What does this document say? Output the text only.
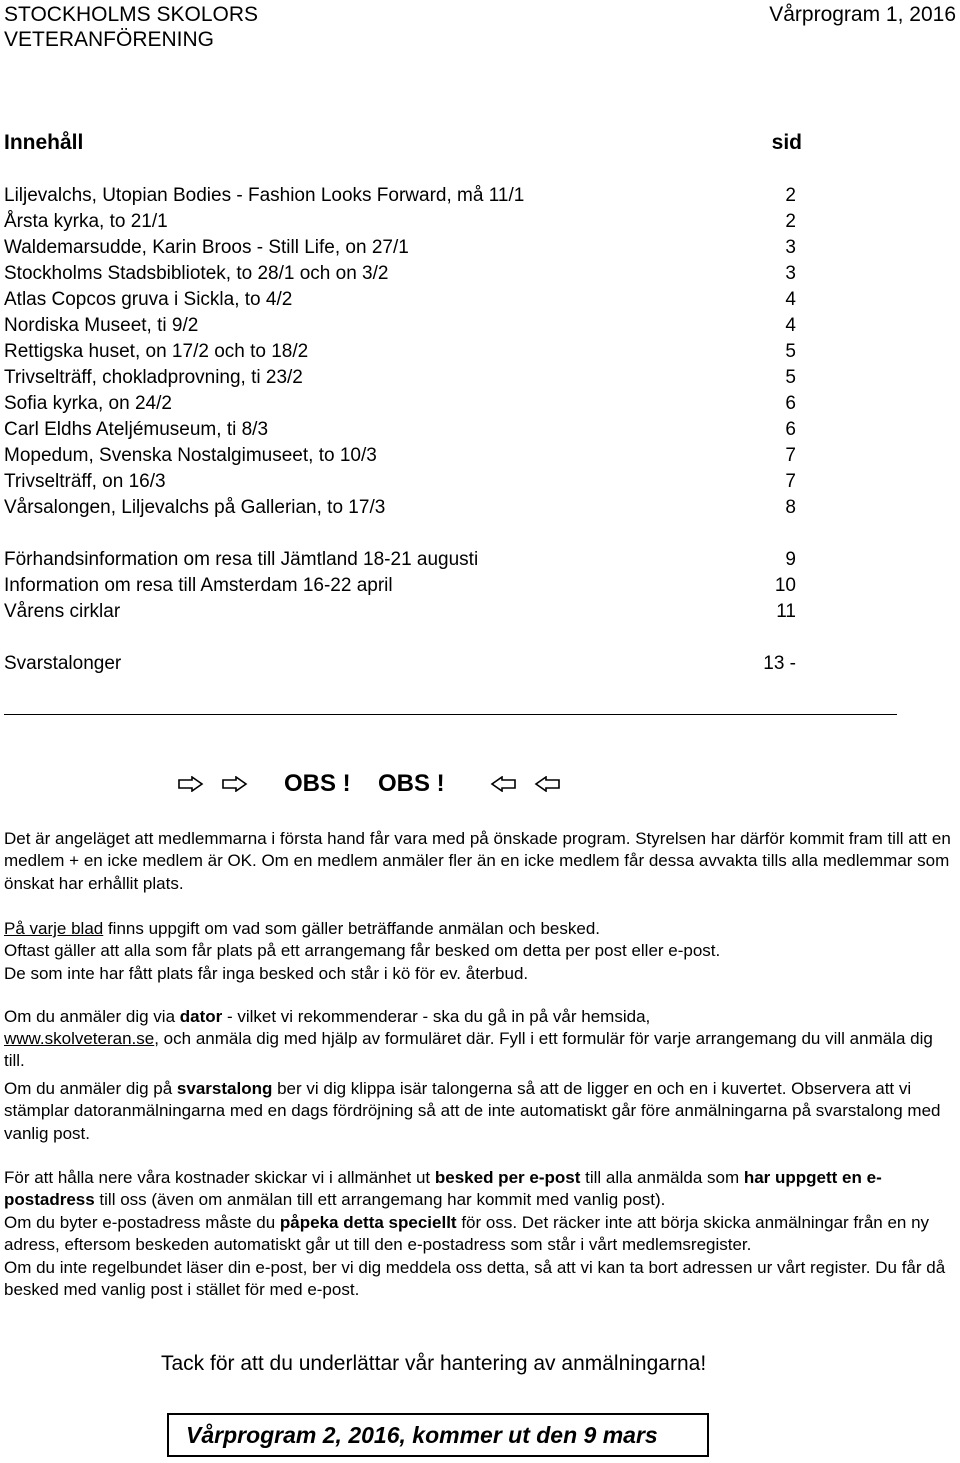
STOCKHOLMS SKOLORS
VETERANFÖRENING
Vårprogram 1, 2016
Innehåll	sid
Liljevalchs, Utopian Bodies - Fashion Looks Forward, må 11/1	2
Årsta kyrka, to 21/1	2
Waldemarsudde, Karin Broos - Still Life, on 27/1	3
Stockholms Stadsbibliotek, to 28/1 och on 3/2	3
Atlas Copcos gruva i Sickla, to 4/2	4
Nordiska Museet, ti 9/2	4
Rettigska huset, on 17/2 och to 18/2	5
Trivselträff, chokladprovning, ti 23/2	5
Sofia kyrka, on 24/2	6
Carl Eldhs Ateljémuseum, ti 8/3	6
Mopedum, Svenska Nostalgimuseet, to 10/3	7
Trivselträff, on 16/3	7
Vårsalongen, Liljevalchs på Gallerian, to 17/3	8
Förhandsinformation om resa till Jämtland 18-21 augusti	9
Information om resa till Amsterdam 16-22 april	10
Vårens cirklar	11
Svarstalonger	13 -
OBS ! OBS !

Det är angeläget att medlemmarna i första hand får vara med på önskade program. Styrelsen har därför kommit fram till att en medlem + en icke medlem är OK. Om en medlem anmäler fler än en icke medlem får dessa avvakta tills alla medlemmar som önskat har erhållit plats.

På varje blad finns uppgift om vad som gäller beträffande anmälan och besked.

Oftast gäller att alla som får plats på ett arrangemang får besked om detta per post eller e-post.

De som inte har fått plats får inga besked och står i kö för ev. återbud.

Om du anmäler dig via dator - vilket vi rekommenderar - ska du gå in på vår hemsida,

www.skolveteran.se, och anmäla dig med hjälp av formuläret där. Fyll i ett formulär för varje arrangemang du vill anmäla dig till.

Om du anmäler dig på svarstalong ber vi dig klippa isär talongerna så att de ligger en och en i kuvertet. Observera att vi stämplar datoranmälningarna med en dags fördröjning så att de inte automatiskt går före anmälningarna på svarstalong med vanlig post.

För att hålla nere våra kostnader skickar vi i allmänhet ut besked per e-post till alla anmälda som har uppgett en e-postadress till oss (även om anmälan till ett arrangemang har kommit med vanlig post).

Om du byter e-postadress måste du påpeka detta speciellt för oss. Det räcker inte att börja skicka anmälningar från en ny adress, eftersom beskeden automatiskt går ut till den e-postadress som står i vårt medlemsregister.

Om du inte regelbundet läser din e-post, ber vi dig meddela oss detta, så att vi kan ta bort adressen ur vårt register. Du får då besked med vanlig post i stället för med e-post.

Tack för att du underlättar vår hantering av anmälningarna!
Vårprogram 2, 2016, kommer ut den 9 mars
